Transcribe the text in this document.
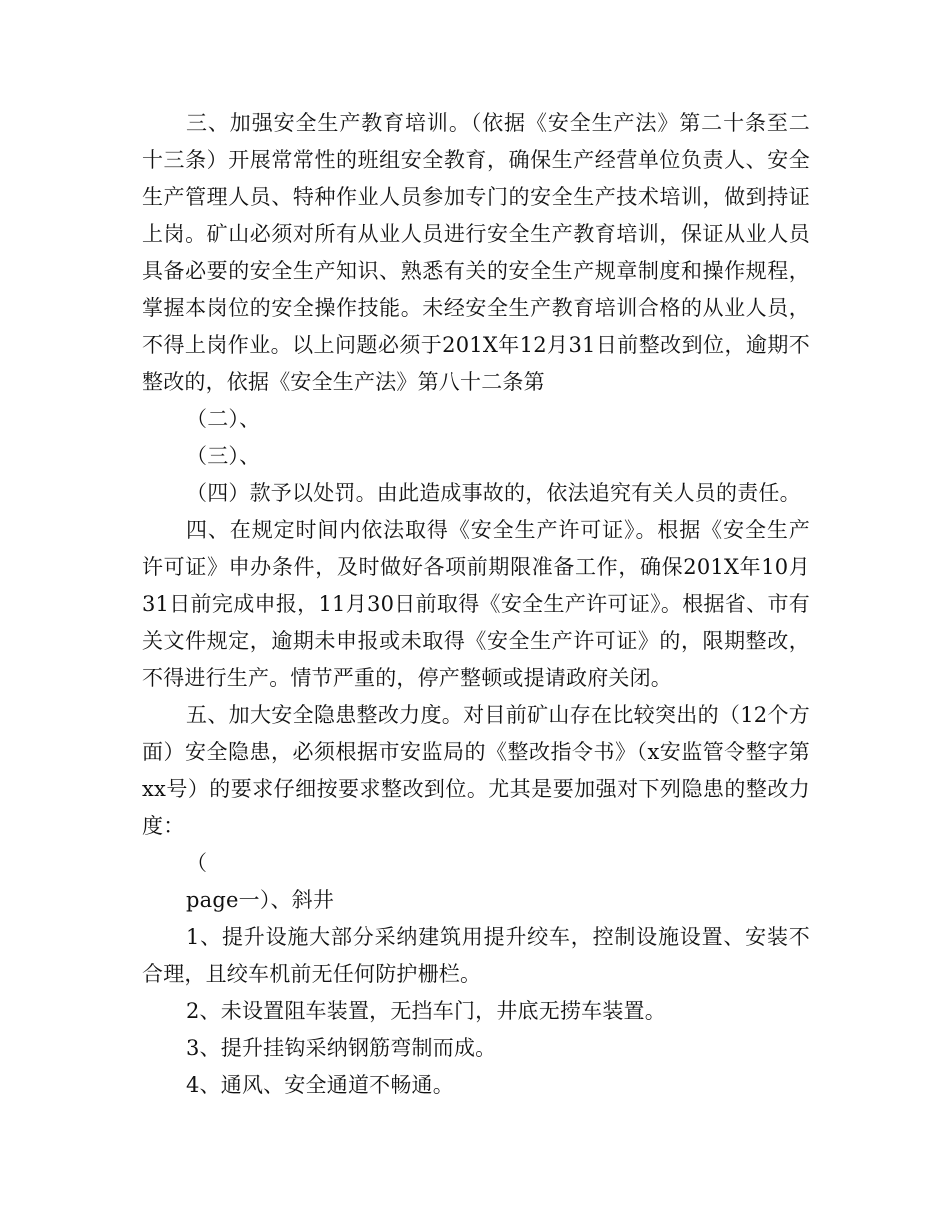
三、加强安全生产教育培训。（依据《安全生产法》第二十条至二十三条）开展常常性的班组安全教育，确保生产经营单位负责人、安全生产管理人员、特种作业人员参加专门的安全生产技术培训，做到持证上岗。矿山必须对所有从业人员进行安全生产教育培训，保证从业人员具备必要的安全生产知识、熟悉有关的安全生产规章制度和操作规程，掌握本岗位的安全操作技能。未经安全生产教育培训合格的从业人员，不得上岗作业。以上问题必须于201X年12月31日前整改到位，逾期不整改的，依据《安全生产法》第八十二条第

（二）、

（三）、

（四）款予以处罚。由此造成事故的，依法追究有关人员的责任。

四、在规定时间内依法取得《安全生产许可证》。根据《安全生产许可证》申办条件，及时做好各项前期限准备工作，确保201X年10月31日前完成申报，11月30日前取得《安全生产许可证》。根据省、市有关文件规定，逾期未申报或未取得《安全生产许可证》的，限期整改，不得进行生产。情节严重的，停产整顿或提请政府关闭。

五、加大安全隐患整改力度。对目前矿山存在比较突出的（12个方面）安全隐患，必须根据市安监局的《整改指令书》（x安监管令整字第xx号）的要求仔细按要求整改到位。尤其是要加强对下列隐患的整改力度：

（

page一）、斜井

1、提升设施大部分采纳建筑用提升绞车，控制设施设置、安装不合理，且绞车机前无任何防护栅栏。

2、未设置阻车装置，无挡车门，井底无捞车装置。

3、提升挂钩采纳钢筋弯制而成。

4、通风、安全通道不畅通。
